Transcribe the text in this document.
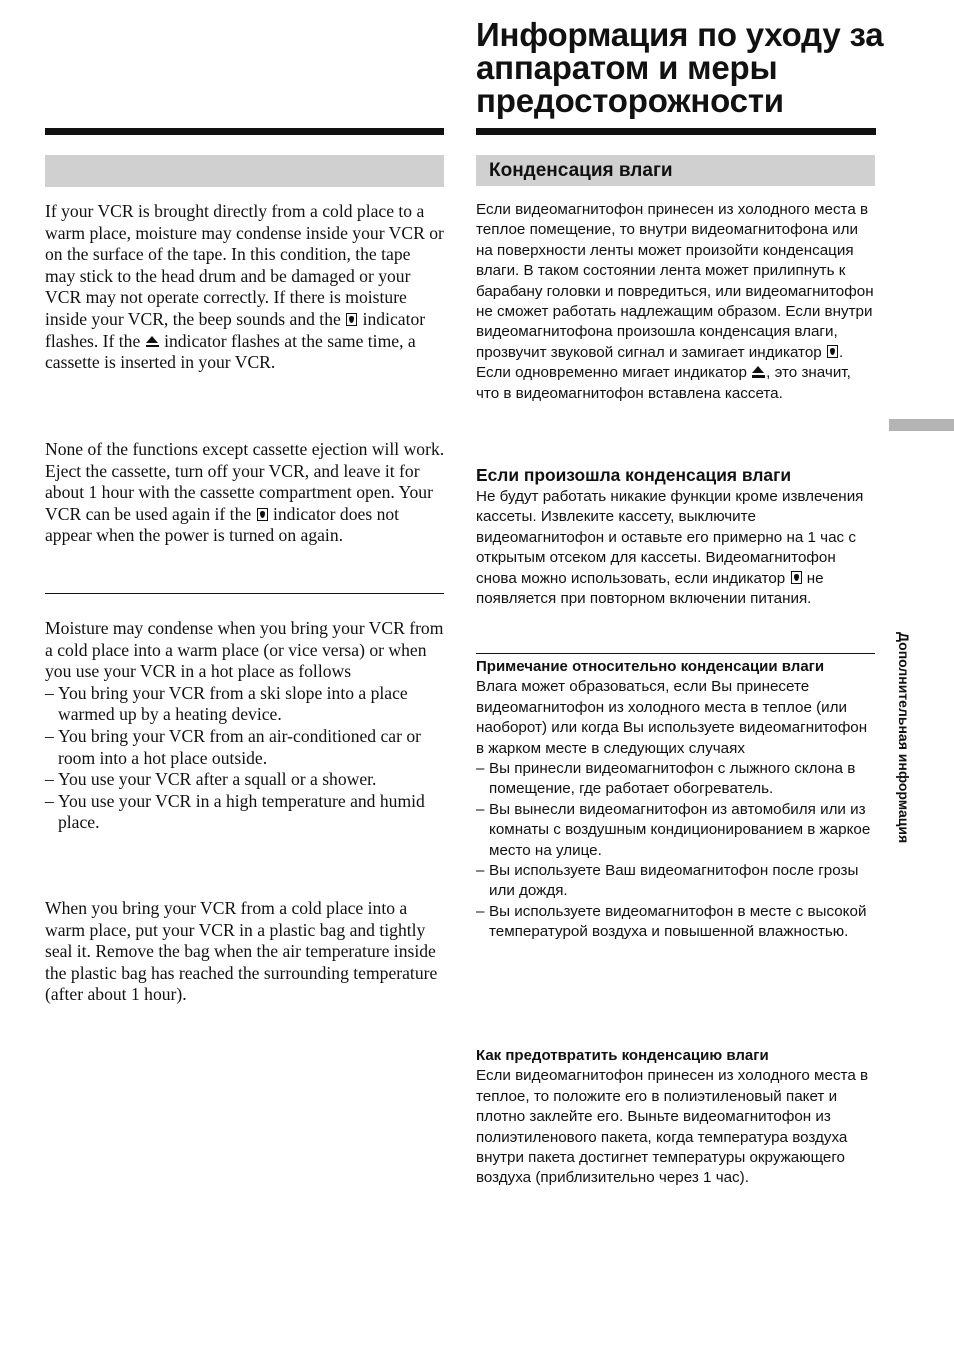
If your VCR is brought directly from a cold place to a warm place, moisture may condense inside your VCR or on the surface of the tape. In this condition, the tape may stick to the head drum and be damaged or your VCR may not operate correctly. If there is moisture inside your VCR, the beep sounds and the indicator flashes. If the indicator flashes at the same time, a cassette is inserted in your VCR.

None of the functions except cassette ejection will work. Eject the cassette, turn off your VCR, and leave it for about 1 hour with the cassette compartment open. Your VCR can be used again if the indicator does not appear when the power is turned on again.

Moisture may condense when you bring your VCR from a cold place into a warm place (or vice versa) or when you use your VCR in a hot place as follows
– You bring your VCR from a ski slope into a place warmed up by a heating device.
– You bring your VCR from an air-conditioned car or room into a hot place outside.
– You use your VCR after a squall or a shower.
– You use your VCR in a high temperature and humid place.

When you bring your VCR from a cold place into a warm place, put your VCR in a plastic bag and tightly seal it. Remove the bag when the air temperature inside the plastic bag has reached the surrounding temperature (after about 1 hour).

Информация по уходу за аппаратом и меры предосторожности
Конденсация влаги

Если видеомагнитофон принесен из холодного места в теплое помещение, то внутри видеомагнитофона или на поверхности ленты может произойти конденсация влаги. В таком состоянии лента может прилипнуть к барабану головки и повредиться, или видеомагнитофон не сможет работать надлежащим образом. Если внутри видеомагнитофона произошла конденсация влаги, прозвучит звуковой сигнал и замигает индикатор . Если одновременно мигает индикатор , это значит, что в видеомагнитофон вставлена кассета.

Если произошла конденсация влаги

Не будут работать никакие функции кроме извлечения кассеты. Извлеките кассету, выключите видеомагнитофон и оставьте его примерно на 1 час с открытым отсеком для кассеты. Видеомагнитофон снова можно использовать, если индикатор не появляется при повторном включении питания.

Примечание относительно конденсации влаги
Влага может образоваться, если Вы принесете видеомагнитофон из холодного места в теплое (или наоборот) или когда Вы используете видеомагнитофон в жарком месте в следующих случаях
– Вы принесли видеомагнитофон с лыжного склона в помещение, где работает обогреватель.
– Вы вынесли видеомагнитофон из автомобиля или из комнаты с воздушным кондиционированием в жаркое место на улице.
– Вы используете Ваш видеомагнитофон после грозы или дождя.
– Вы используете видеомагнитофон в месте с высокой температурой воздуха и повышенной влажностью.
Как предотвратить конденсацию влаги
Если видеомагнитофон принесен из холодного места в теплое, то положите его в полиэтиленовый пакет и плотно заклейте его. Выньте видеомагнитофон из полиэтиленового пакета, когда температура воздуха внутри пакета достигнет температуры окружающего воздуха (приблизительно через 1 час).
Дополнительная информация
